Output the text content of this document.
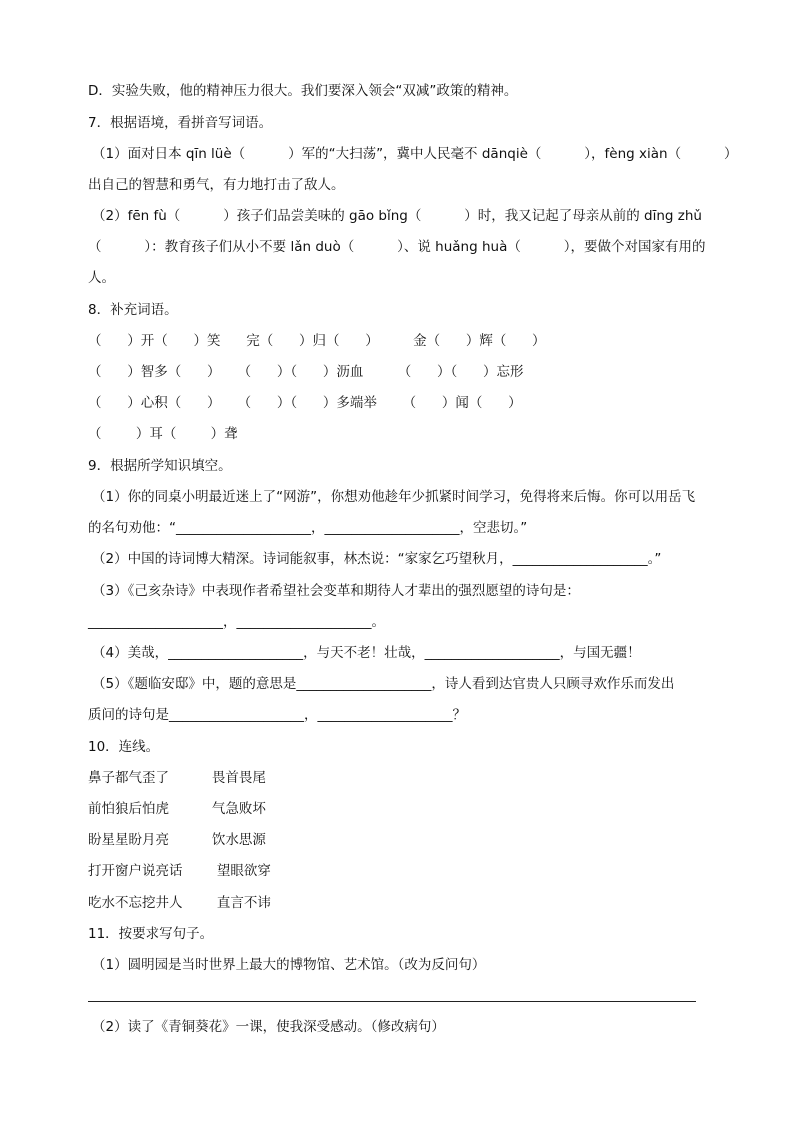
D．实验失败，他的精神压力很大。我们要深入领会“双减”政策的精神。
7．根据语境，看拼音写词语。
（1）面对日本 qīn lüè（          ）军的“大扫荡”，冀中人民毫不 dānqiè（          ），fèng xiàn（          ）
出自己的智慧和勇气，有力地打击了敌人。
（2）fēn fù（          ）孩子们品尝美味的 gāo bǐng（          ）时，我又记起了母亲从前的 dīng zhǔ
（          ）：教育孩子们从小不要 lǎn duò（          ）、说 huǎng huà（          ），要做个对国家有用的
人。
8．补充词语。
（      ）开（      ）笑      完（      ）归（      ）        金（      ）辉（      ）
（      ）智多（      ）    （      ）（      ）沥血        （      ）（      ）忘形
（      ）心积（      ）    （      ）（      ）多端举      （      ）闻（      ）
（        ）耳（        ）聋
9．根据所学知识填空。
（1）你的同桌小明最近迷上了“网游”，你想劝他趁年少抓紧时间学习，免得将来后悔。你可以用岳飞
的名句劝他：“____________________，____________________，空悲切。”
（2）中国的诗词博大精深。诗词能叙事，林杰说：“家家乞巧望秋月，____________________。”
（3）《己亥杂诗》中表现作者希望社会变革和期待人才辈出的强烈愿望的诗句是：
____________________，____________________。
（4）美哉，____________________，与天不老！壮哉，____________________，与国无疆！
（5）《题临安邸》中，题的意思是____________________，诗人看到达官贵人只顾寻欢作乐而发出
质问的诗句是____________________，____________________？
10．连线。
鼻子都气歪了          畏首畏尾
前怕狼后怕虎          气急败坏
盼星星盼月亮          饮水思源
打开窗户说亮话        望眼欲穿
吃水不忘挖井人        直言不讳
11．按要求写句子。
（1）圆明园是当时世界上最大的博物馆、艺术馆。（改为反问句）
（2）读了《青铜葵花》一课，使我深受感动。（修改病句）
